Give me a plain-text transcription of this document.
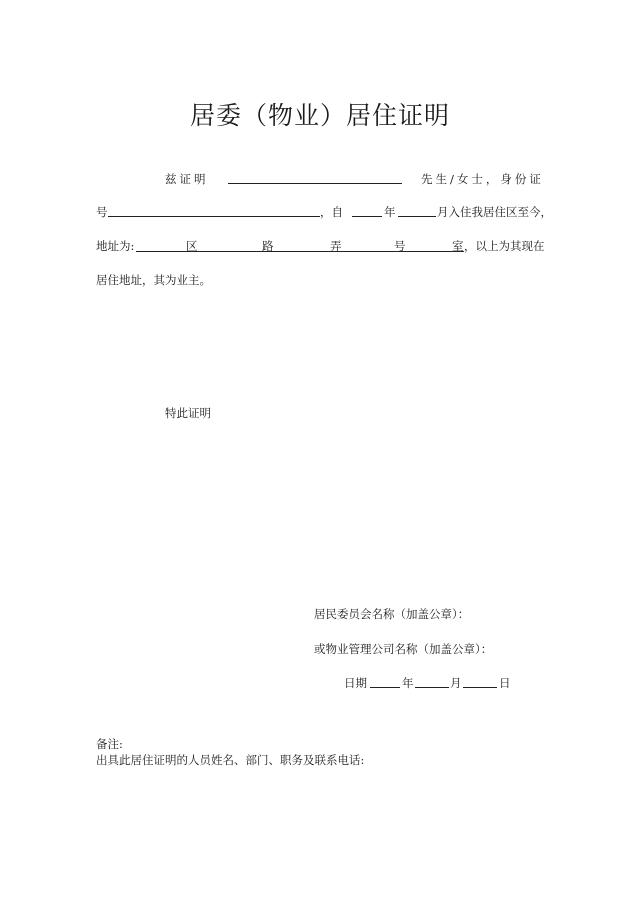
居委（物业）居住证明
兹证明	先生/女士，身份证
号	，自	年	月入住我居住区至今，
地址为:	区	路	弄	号	室 ，以上为其现在
居住地址，其为业主。
特此证明
居民委员会名称（加盖公章）：
或物业管理公司名称（加盖公章）：
日期	年	月	日
备注:
出具此居住证明的人员姓名、部门、职务及联系电话:
